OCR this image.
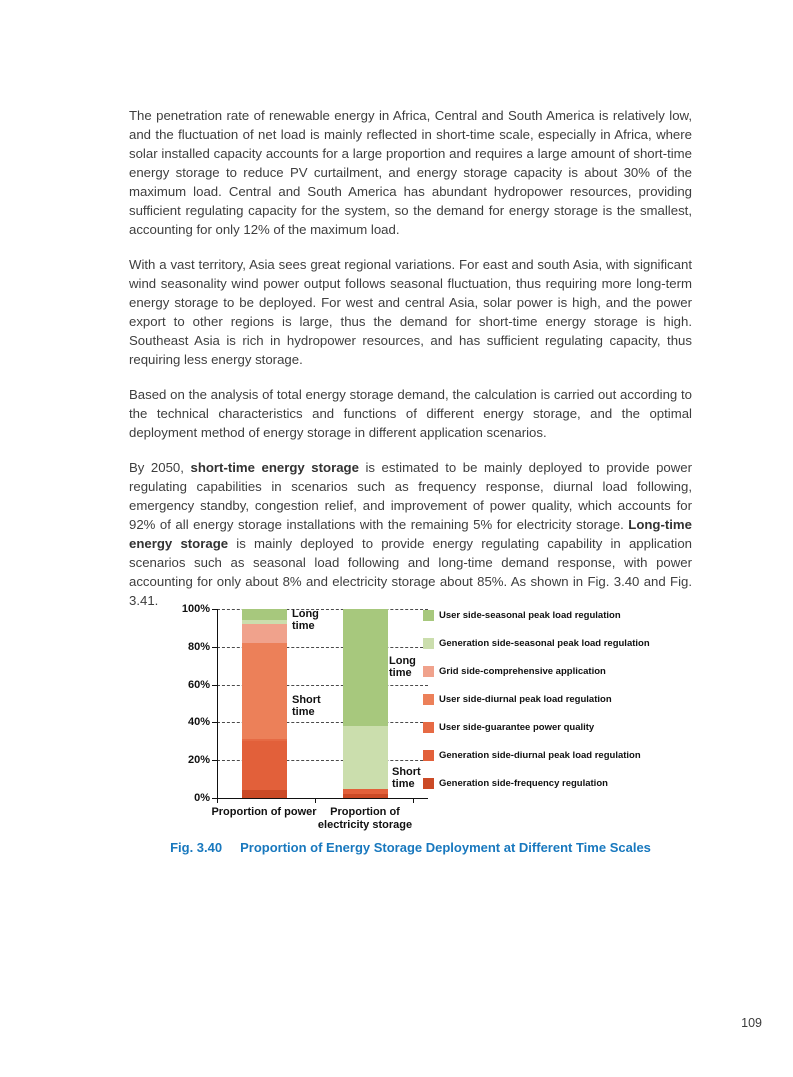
The penetration rate of renewable energy in Africa, Central and South America is relatively low, and the fluctuation of net load is mainly reflected in short-time scale, especially in Africa, where solar installed capacity accounts for a large proportion and requires a large amount of short-time energy storage to reduce PV curtailment, and energy storage capacity is about 30% of the maximum load. Central and South America has abundant hydropower resources, providing sufficient regulating capacity for the system, so the demand for energy storage is the smallest, accounting for only 12% of the maximum load.

With a vast territory, Asia sees great regional variations. For east and south Asia, with significant wind seasonality wind power output follows seasonal fluctuation, thus requiring more long-term energy storage to be deployed. For west and central Asia, solar power is high, and the power export to other regions is large, thus the demand for short-time energy storage is high. Southeast Asia is rich in hydropower resources, and has sufficient regulating capacity, thus requiring less energy storage.

Based on the analysis of total energy storage demand, the calculation is carried out according to the technical characteristics and functions of different energy storage, and the optimal deployment method of energy storage in different application scenarios.

By 2050, short-time energy storage is estimated to be mainly deployed to provide power regulating capabilities in scenarios such as frequency response, diurnal load following, emergency standby, congestion relief, and improvement of power quality, which accounts for 92% of all energy storage installations with the remaining 5% for electricity storage. Long-time energy storage is mainly deployed to provide energy regulating capability in application scenarios such as seasonal load following and long-time demand response, with power accounting for only about 8% and electricity storage about 85%. As shown in Fig. 3.40 and Fig. 3.41.

0%
20%
40%
60%
80%
100%
Proportion of power	Proportion of electricity storage
Long time
Short time
Long time
Short time
User side-seasonal peak load regulation
Generation side-seasonal peak load regulation
Grid side-comprehensive application
User side-diurnal peak load regulation
User side-guarantee power quality
Generation side-diurnal peak load regulation
Generation side-frequency regulation
Fig. 3.40 Proportion of Energy Storage Deployment at Different Time Scales
109
